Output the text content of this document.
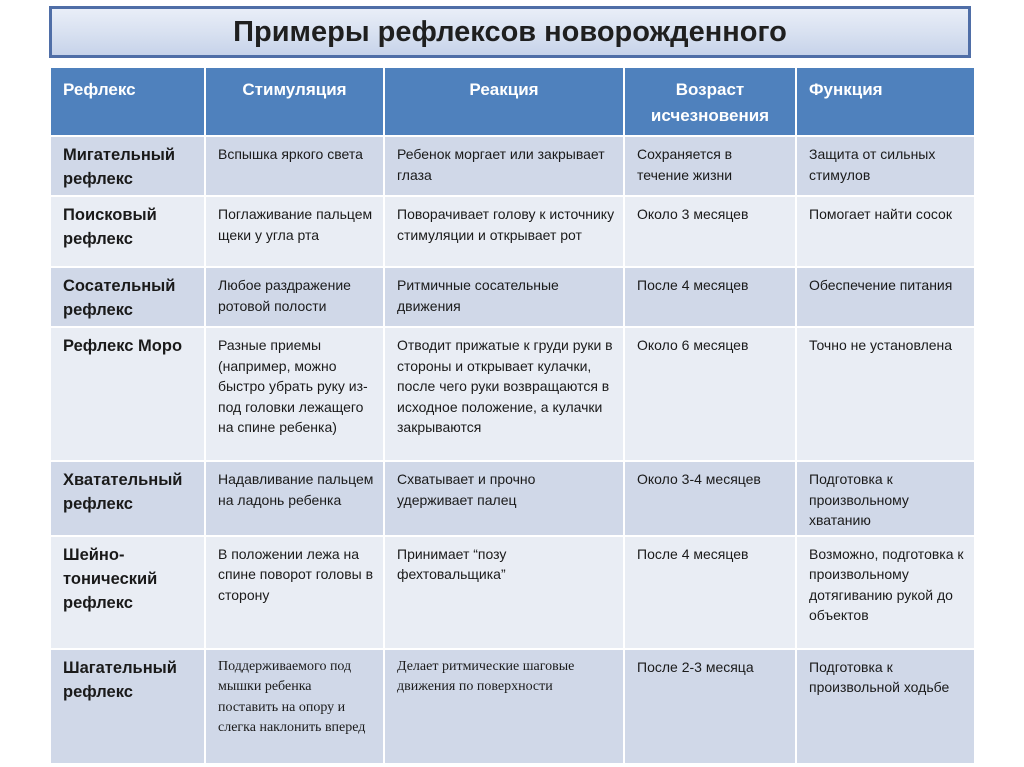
Примеры рефлексов новорожденного
Рефлекс	Стимуляция	Реакция	Возраст исчезновения	Функция
Мигательный рефлекс	Вспышка яркого света	Ребенок моргает или закрывает глаза	Сохраняется в течение жизни	Защита от сильных стимулов
Поисковый рефлекс	Поглаживание пальцем щеки у угла рта	Поворачивает голову к источнику стимуляции и открывает рот	Около 3 месяцев	Помогает найти сосок
Сосательный рефлекс	Любое раздражение ротовой полости	Ритмичные сосательные движения	После 4 месяцев	Обеспечение питания
Рефлекс Моро	Разные приемы (например, можно быстро убрать руку из-под головки лежащего на спине ребенка)	Отводит прижатые к груди руки в стороны и открывает кулачки, после чего руки возвращаются в исходное положение, а кулачки закрываются	Около 6 месяцев	Точно не установлена
Хватательный рефлекс	Надавливание пальцем на ладонь ребенка	Схватывает и прочно удерживает палец	Около 3-4 месяцев	Подготовка к произвольному хватанию
Шейно-тонический рефлекс	В положении лежа на спине поворот головы в сторону	Принимает “позу фехтовальщика”	После 4 месяцев	Возможно, подготовка к произвольному дотягиванию рукой до объектов
Шагательный рефлекс	Поддерживаемого под мышки ребенка поставить на опору и слегка наклонить вперед	Делает ритмические шаговые движения по поверхности	После 2-3 месяца	Подготовка к произвольной ходьбе
